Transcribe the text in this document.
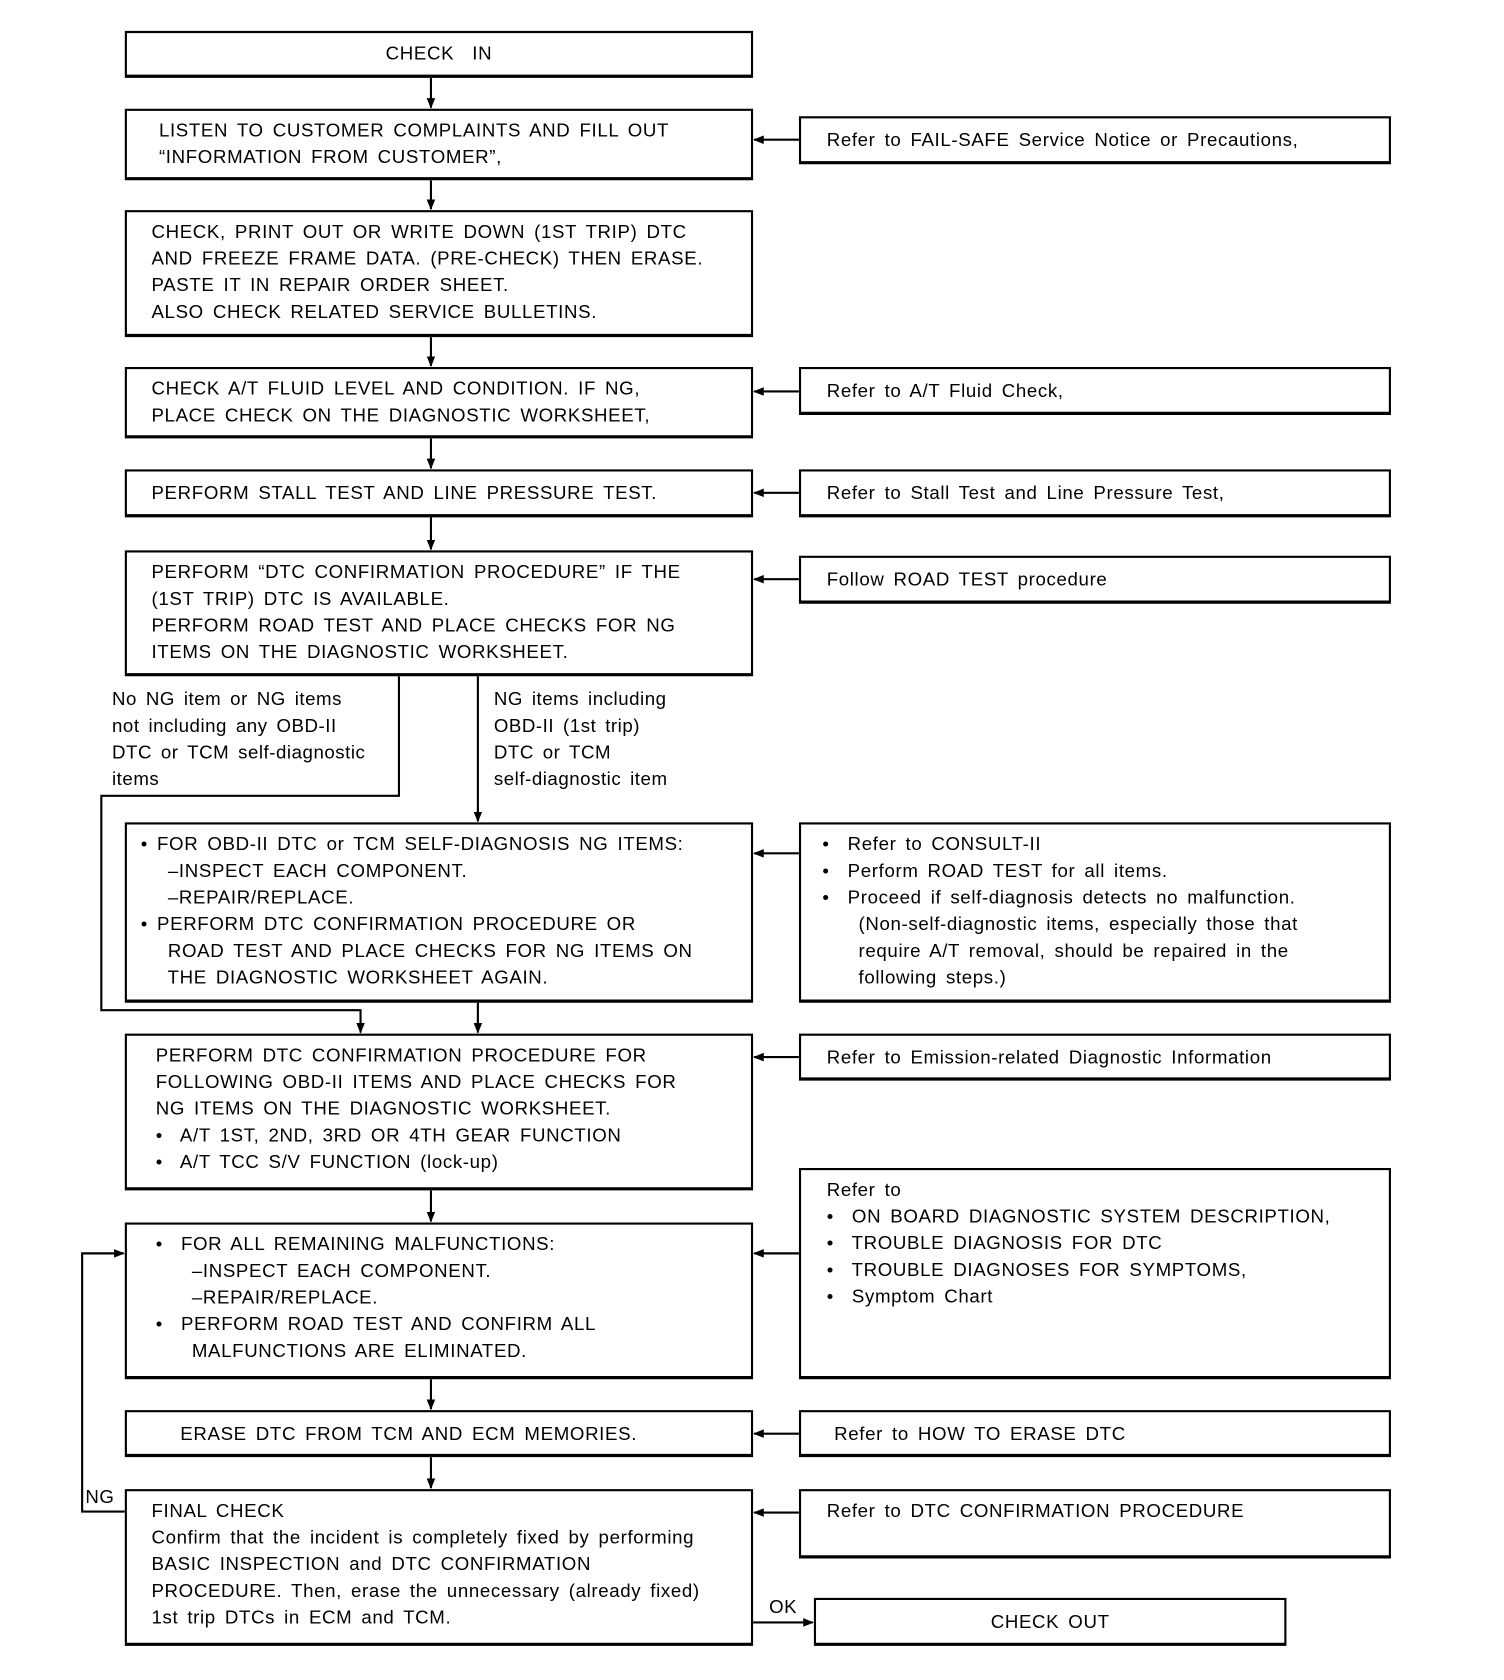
NG
OK
CHECK  IN
LISTEN TO CUSTOMER COMPLAINTS AND FILL OUT
“INFORMATION FROM CUSTOMER”,
Refer to FAIL-SAFE Service Notice or Precautions,
CHECK, PRINT OUT OR WRITE DOWN (1ST TRIP) DTC
AND FREEZE FRAME DATA. (PRE-CHECK) THEN ERASE.
PASTE IT IN REPAIR ORDER SHEET.
ALSO CHECK RELATED SERVICE BULLETINS.
CHECK A/T FLUID LEVEL AND CONDITION. IF NG,
PLACE CHECK ON THE DIAGNOSTIC WORKSHEET,
Refer to A/T Fluid Check,
PERFORM STALL TEST AND LINE PRESSURE TEST.	Refer to Stall Test and Line Pressure Test,
PERFORM “DTC CONFIRMATION PROCEDURE” IF THE
(1ST TRIP) DTC IS AVAILABLE.
PERFORM ROAD TEST AND PLACE CHECKS FOR NG
ITEMS ON THE DIAGNOSTIC WORKSHEET.
Follow ROAD TEST procedure
No NG item or NG items
not including any OBD-II
DTC or TCM self-diagnostic
items
NG items including
OBD-II (1st trip)
DTC or TCM
self-diagnostic item
• FOR OBD-II DTC or TCM SELF-DIAGNOSIS NG ITEMS:
–INSPECT EACH COMPONENT.
–REPAIR/REPLACE.
• PERFORM DTC CONFIRMATION PROCEDURE OR
ROAD TEST AND PLACE CHECKS FOR NG ITEMS ON
THE DIAGNOSTIC WORKSHEET AGAIN.
•  Refer to CONSULT-II
•  Perform ROAD TEST for all items.
•  Proceed if self-diagnosis detects no malfunction.
(Non-self-diagnostic items, especially those that
require A/T removal, should be repaired in the
following steps.)
PERFORM DTC CONFIRMATION PROCEDURE FOR
FOLLOWING OBD-II ITEMS AND PLACE CHECKS FOR
NG ITEMS ON THE DIAGNOSTIC WORKSHEET.
•  A/T 1ST, 2ND, 3RD OR 4TH GEAR FUNCTION
•  A/T TCC S/V FUNCTION (lock-up)
Refer to Emission-related Diagnostic Information
•  FOR ALL REMAINING MALFUNCTIONS:
–INSPECT EACH COMPONENT.
–REPAIR/REPLACE.
•  PERFORM ROAD TEST AND CONFIRM ALL
MALFUNCTIONS ARE ELIMINATED.
Refer to
•  ON BOARD DIAGNOSTIC SYSTEM DESCRIPTION,
•  TROUBLE DIAGNOSIS FOR DTC
•  TROUBLE DIAGNOSES FOR SYMPTOMS,
•  Symptom Chart
ERASE DTC FROM TCM AND ECM MEMORIES.	Refer to HOW TO ERASE DTC
FINAL CHECK
Confirm that the incident is completely fixed by performing
BASIC INSPECTION and DTC CONFIRMATION
PROCEDURE. Then, erase the unnecessary (already fixed)
1st trip DTCs in ECM and TCM.
Refer to DTC CONFIRMATION PROCEDURE
CHECK OUT
